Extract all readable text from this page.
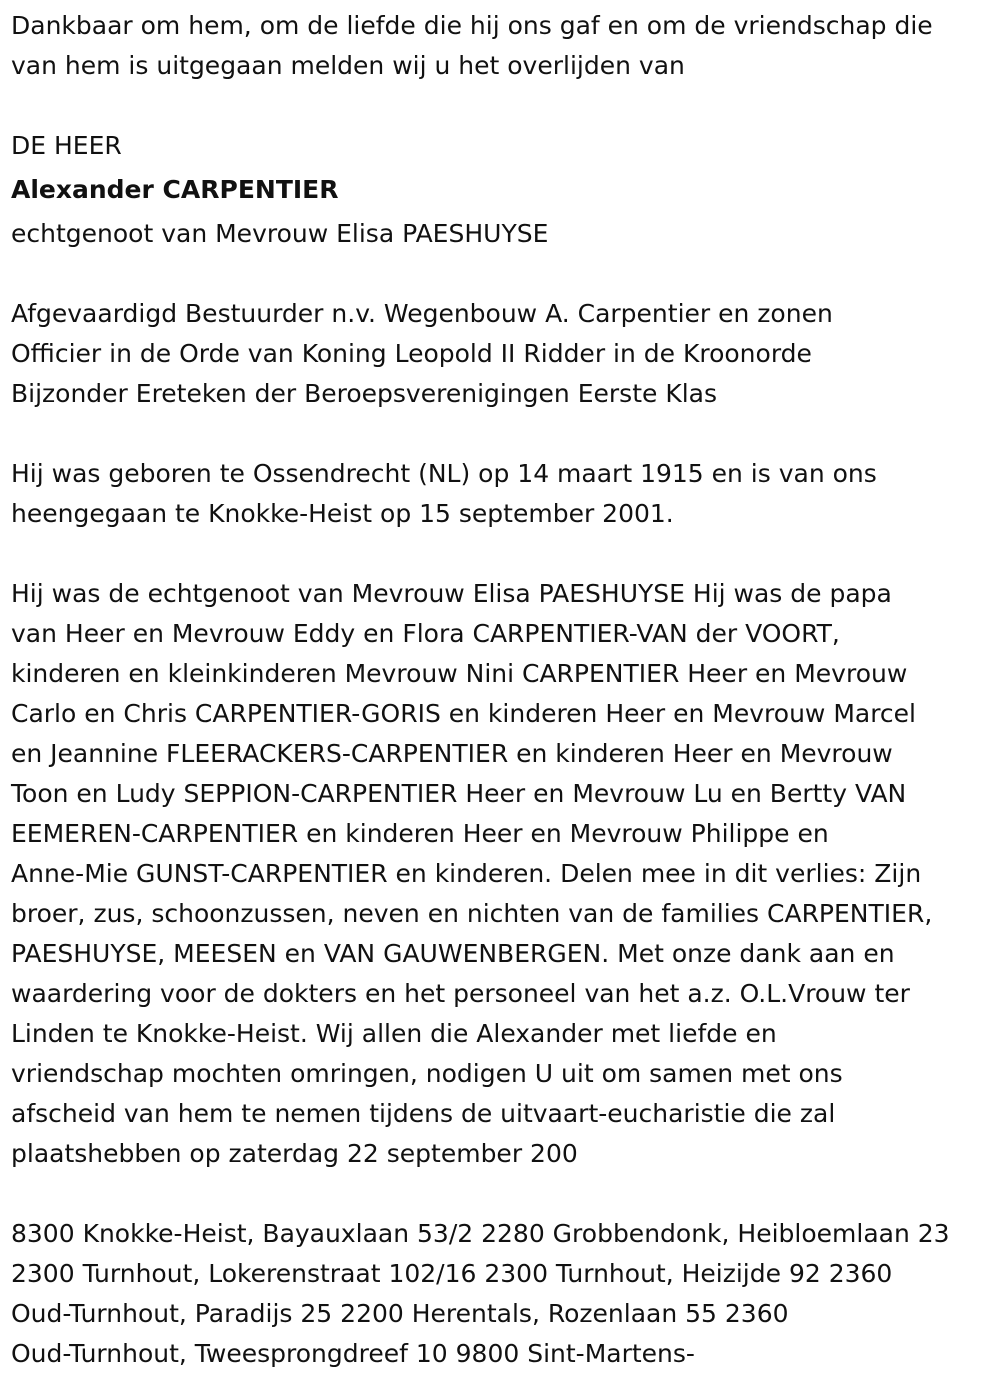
Dankbaar om hem, om de liefde die hij ons gaf en om de vriendschap die
van hem is uitgegaan melden wij u het overlijden van

DE HEER

Alexander CARPENTIER

echtgenoot van Mevrouw Elisa PAESHUYSE

Afgevaardigd Bestuurder n.v. Wegenbouw A. Carpentier en zonen
Officier in de Orde van Koning Leopold II Ridder in de Kroonorde
Bijzonder Ereteken der Beroepsverenigingen Eerste Klas

Hij was geboren te Ossendrecht (NL) op 14 maart 1915 en is van ons
heengegaan te Knokke-Heist op 15 september 2001.

Hij was de echtgenoot van Mevrouw Elisa PAESHUYSE Hij was de papa
van Heer en Mevrouw Eddy en Flora CARPENTIER-VAN der VOORT,
kinderen en kleinkinderen Mevrouw Nini CARPENTIER Heer en Mevrouw
Carlo en Chris CARPENTIER-GORIS en kinderen Heer en Mevrouw Marcel
en Jeannine FLEERACKERS-CARPENTIER en kinderen Heer en Mevrouw
Toon en Ludy SEPPION-CARPENTIER Heer en Mevrouw Lu en Bertty VAN
EEMEREN-CARPENTIER en kinderen Heer en Mevrouw Philippe en
Anne-Mie GUNST-CARPENTIER en kinderen. Delen mee in dit verlies: Zijn
broer, zus, schoonzussen, neven en nichten van de families CARPENTIER,
PAESHUYSE, MEESEN en VAN GAUWENBERGEN. Met onze dank aan en
waardering voor de dokters en het personeel van het a.z. O.L.Vrouw ter
Linden te Knokke-Heist. Wij allen die Alexander met liefde en
vriendschap mochten omringen, nodigen U uit om samen met ons
afscheid van hem te nemen tijdens de uitvaart-eucharistie die zal
plaatshebben op zaterdag 22 september 200

8300 Knokke-Heist, Bayauxlaan 53/2 2280 Grobbendonk, Heibloemlaan 23
2300 Turnhout, Lokerenstraat 102/16 2300 Turnhout, Heizijde 92 2360
Oud-Turnhout, Paradijs 25 2200 Herentals, Rozenlaan 55 2360
Oud-Turnhout, Tweesprongdreef 10 9800 Sint-Martens-
